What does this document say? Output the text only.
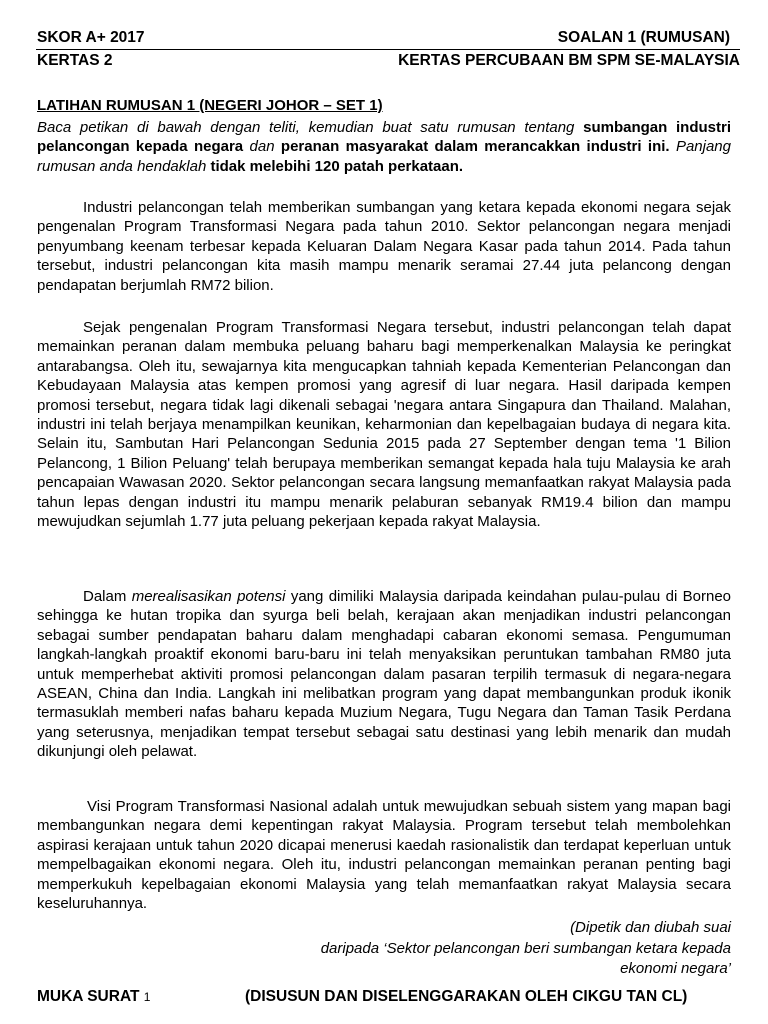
SKOR A+ 2017	SOALAN 1 (RUMUSAN)
KERTAS 2	KERTAS PERCUBAAN BM SPM SE-MALAYSIA
LATIHAN RUMUSAN 1 (NEGERI JOHOR – SET 1)
Baca petikan di bawah dengan teliti, kemudian buat satu rumusan tentang sumbangan industri pelancongan kepada negara dan peranan masyarakat dalam merancakkan industri ini. Panjang rumusan anda hendaklah tidak melebihi 120 patah perkataan.
Industri pelancongan telah memberikan sumbangan yang ketara kepada ekonomi negara sejak pengenalan Program Transformasi Negara pada tahun 2010. Sektor pelancongan negara menjadi penyumbang keenam terbesar kepada Keluaran Dalam Negara Kasar pada tahun 2014. Pada tahun tersebut, industri pelancongan kita masih mampu menarik seramai 27.44 juta pelancong dengan pendapatan berjumlah RM72 bilion.
Sejak pengenalan Program Transformasi Negara tersebut, industri pelancongan telah dapat memainkan peranan dalam membuka peluang baharu bagi memperkenalkan Malaysia ke peringkat antarabangsa. Oleh itu, sewajarnya kita mengucapkan tahniah kepada Kementerian Pelancongan dan Kebudayaan Malaysia atas kempen promosi yang agresif di luar negara. Hasil daripada kempen promosi tersebut, negara tidak lagi dikenali sebagai 'negara antara Singapura dan Thailand. Malahan, industri ini telah berjaya menampilkan keunikan, keharmonian dan kepelbagaian budaya di negara kita. Selain itu, Sambutan Hari Pelancongan Sedunia 2015 pada 27 September dengan tema '1 Bilion Pelancong, 1 Bilion Peluang' telah berupaya memberikan semangat kepada hala tuju Malaysia ke arah pencapaian Wawasan 2020. Sektor pelancongan secara langsung memanfaatkan rakyat Malaysia pada tahun lepas dengan industri itu mampu menarik pelaburan sebanyak RM19.4 bilion dan mampu mewujudkan sejumlah 1.77 juta peluang pekerjaan kepada rakyat Malaysia.
Dalam merealisasikan potensi yang dimiliki Malaysia daripada keindahan pulau-pulau di Borneo sehingga ke hutan tropika dan syurga beli belah, kerajaan akan menjadikan industri pelancongan sebagai sumber pendapatan baharu dalam menghadapi cabaran ekonomi semasa. Pengumuman langkah-langkah proaktif ekonomi baru-baru ini telah menyaksikan peruntukan tambahan RM80 juta untuk memperhebat aktiviti promosi pelancongan dalam pasaran terpilih termasuk di negara-negara ASEAN, China dan India. Langkah ini melibatkan program yang dapat membangunkan produk ikonik termasuklah memberi nafas baharu kepada Muzium Negara, Tugu Negara dan Taman Tasik Perdana yang seterusnya, menjadikan tempat tersebut sebagai satu destinasi yang lebih menarik dan mudah dikunjungi oleh pelawat.
Visi Program Transformasi Nasional adalah untuk mewujudkan sebuah sistem yang mapan bagi membangunkan negara demi kepentingan rakyat Malaysia. Program tersebut telah membolehkan aspirasi kerajaan untuk tahun 2020 dicapai menerusi kaedah rasionalistik dan terdapat keperluan untuk mempelbagaikan ekonomi negara. Oleh itu, industri pelancongan memainkan peranan penting bagi memperkukuh kepelbagaian ekonomi Malaysia yang telah memanfaatkan rakyat Malaysia secara keseluruhannya.
(Dipetik dan diubah suai
daripada ‘Sektor pelancongan beri sumbangan ketara kepada
ekonomi negara’
MUKA SURAT 1	(DISUSUN DAN DISELENGGARAKAN OLEH CIKGU TAN CL)
